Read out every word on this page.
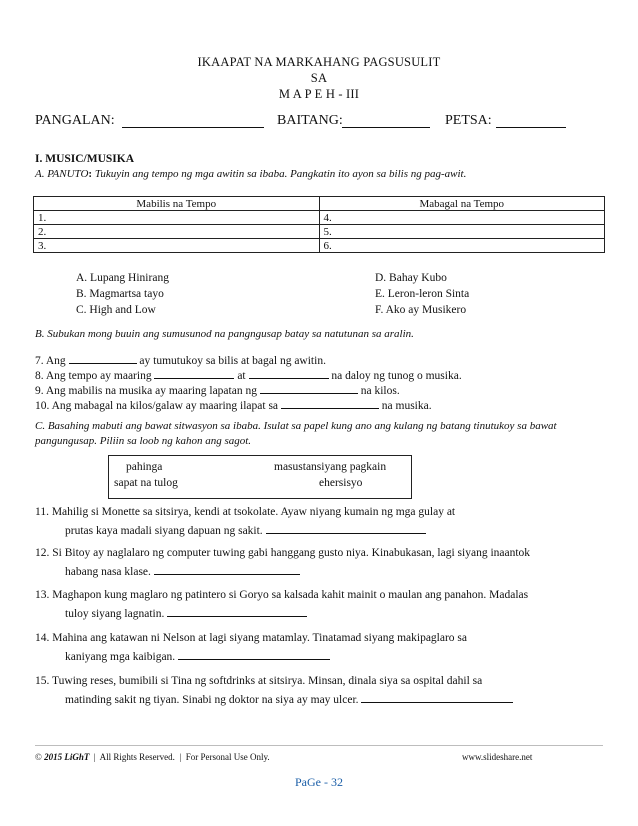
IKAAPAT NA MARKAHANG PAGSUSULIT
SA
M A P E H - III
PANGALAN:	BAITANG:	PETSA:
I. MUSIC/MUSIKA
A. PANUTO: Tukuyin ang tempo ng mga awitin sa ibaba. Pangkatin ito ayon sa bilis ng pag-awit.
Mabilis na Tempo	Mabagal na Tempo
1.	4.
2.	5.
3.	6.
A. Lupang Hinirang
B. Magmartsa tayo
C. High and Low
D. Bahay Kubo
E. Leron-leron Sinta
F. Ako ay Musikero
B. Subukan mong buuin ang sumusunod na pangngusap batay sa natutunan sa aralin.
7. Ang	ay tumutukoy sa bilis at bagal ng awitin.
8. Ang tempo ay maaring	at	na daloy ng tunog o musika.
9. Ang mabilis na musika ay maaring lapatan ng	na kilos.
10. Ang mabagal na kilos/galaw ay maaring ilapat sa	na musika.
C. Basahing mabuti ang bawat sitwasyon sa ibaba. Isulat sa papel kung ano ang kulang ng batang tinutukoy sa bawat
pangungusap. Piliin sa loob ng kahon ang sagot.
pahinga	masustansiyang pagkain
sapat na tulog	ehersisyo
11. Mahilig si Monette sa sitsirya, kendi at tsokolate. Ayaw niyang kumain ng mga gulay at
prutas kaya madali siyang dapuan ng sakit.
12. Si Bitoy ay naglalaro ng computer tuwing gabi hanggang gusto niya. Kinabukasan, lagi siyang inaantok
habang nasa klase.
13. Maghapon kung maglaro ng patintero si Goryo sa kalsada kahit mainit o maulan ang panahon. Madalas
tuloy siyang lagnatin.
14. Mahina ang katawan ni Nelson at lagi siyang matamlay. Tinatamad siyang makipaglaro sa
kaniyang mga kaibigan.
15. Tuwing reses, bumibili si Tina ng softdrinks at sitsirya. Minsan, dinala siya sa ospital dahil sa
matinding sakit ng tiyan. Sinabi ng doktor na siya ay may ulcer.
© 2015 LiGhT  |  All Rights Reserved.  |  For Personal Use Only.	www.slideshare.net
PaGe - 32
